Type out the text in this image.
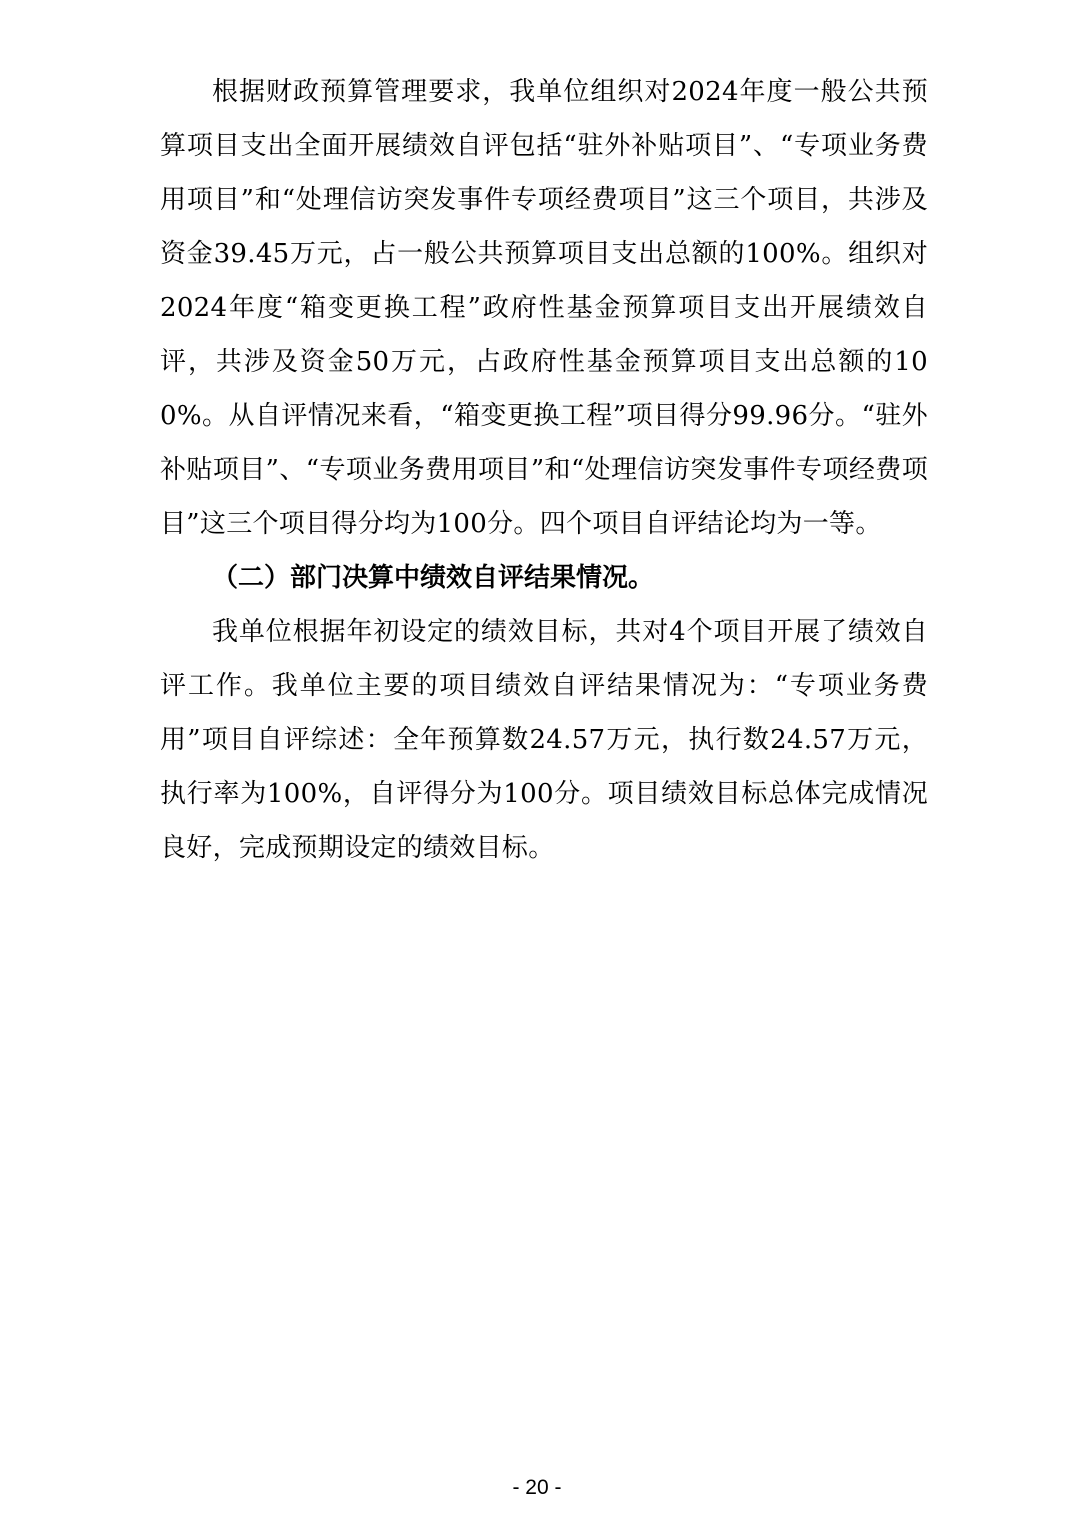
根据财政预算管理要求，我单位组织对2024年度一般公共预算项目支出全面开展绩效自评包括“驻外补贴项目”、“专项业务费用项目”和“处理信访突发事件专项经费项目”这三个项目，共涉及资金39.45万元，占一般公共预算项目支出总额的100%。组织对2024年度“箱变更换工程”政府性基金预算项目支出开展绩效自评，共涉及资金50万元，占政府性基金预算项目支出总额的100%。从自评情况来看，“箱变更换工程”项目得分99.96分。“驻外补贴项目”、“专项业务费用项目”和“处理信访突发事件专项经费项目”这三个项目得分均为100分。四个项目自评结论均为一等。

（二）部门决算中绩效自评结果情况。

我单位根据年初设定的绩效目标，共对4个项目开展了绩效自评工作。我单位主要的项目绩效自评结果情况为：“专项业务费用”项目自评综述：全年预算数24.57万元，执行数24.57万元，执行率为100%，自评得分为100分。项目绩效目标总体完成情况良好，完成预期设定的绩效目标。

- 20 -
